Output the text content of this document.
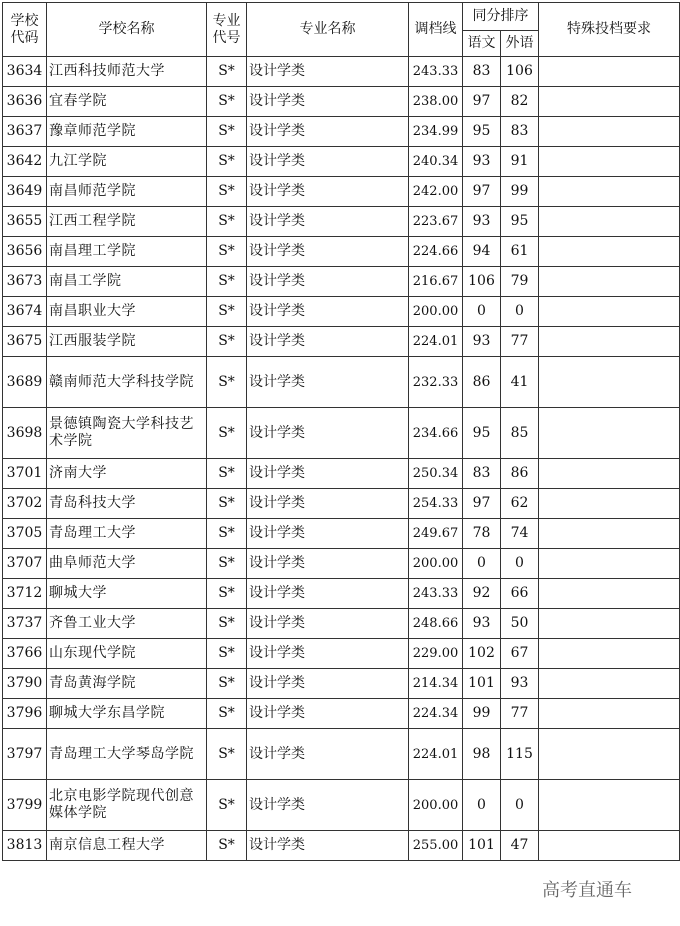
学校代码	学校名称	专业代号	专业名称	调档线	同分排序		特殊投档要求
					语文	外语	
3634	江西科技师范大学	S*	设计学类	243.33	83	106	
3636	宜春学院	S*	设计学类	238.00	97	82	
3637	豫章师范学院	S*	设计学类	234.99	95	83	
3642	九江学院	S*	设计学类	240.34	93	91	
3649	南昌师范学院	S*	设计学类	242.00	97	99	
3655	江西工程学院	S*	设计学类	223.67	93	95	
3656	南昌理工学院	S*	设计学类	224.66	94	61	
3673	南昌工学院	S*	设计学类	216.67	106	79	
3674	南昌职业大学	S*	设计学类	200.00	0	0	
3675	江西服装学院	S*	设计学类	224.01	93	77	
3689	赣南师范大学科技学院	S*	设计学类	232.33	86	41	
3698	景德镇陶瓷大学科技艺术学院	S*	设计学类	234.66	95	85	
3701	济南大学	S*	设计学类	250.34	83	86	
3702	青岛科技大学	S*	设计学类	254.33	97	62	
3705	青岛理工大学	S*	设计学类	249.67	78	74	
3707	曲阜师范大学	S*	设计学类	200.00	0	0	
3712	聊城大学	S*	设计学类	243.33	92	66	
3737	齐鲁工业大学	S*	设计学类	248.66	93	50	
3766	山东现代学院	S*	设计学类	229.00	102	67	
3790	青岛黄海学院	S*	设计学类	214.34	101	93	
3796	聊城大学东昌学院	S*	设计学类	224.34	99	77	
3797	青岛理工大学琴岛学院	S*	设计学类	224.01	98	115	
3799	北京电影学院现代创意媒体学院	S*	设计学类	200.00	0	0	
3813	南京信息工程大学	S*	设计学类	255.00	101	47	
高考直通车
